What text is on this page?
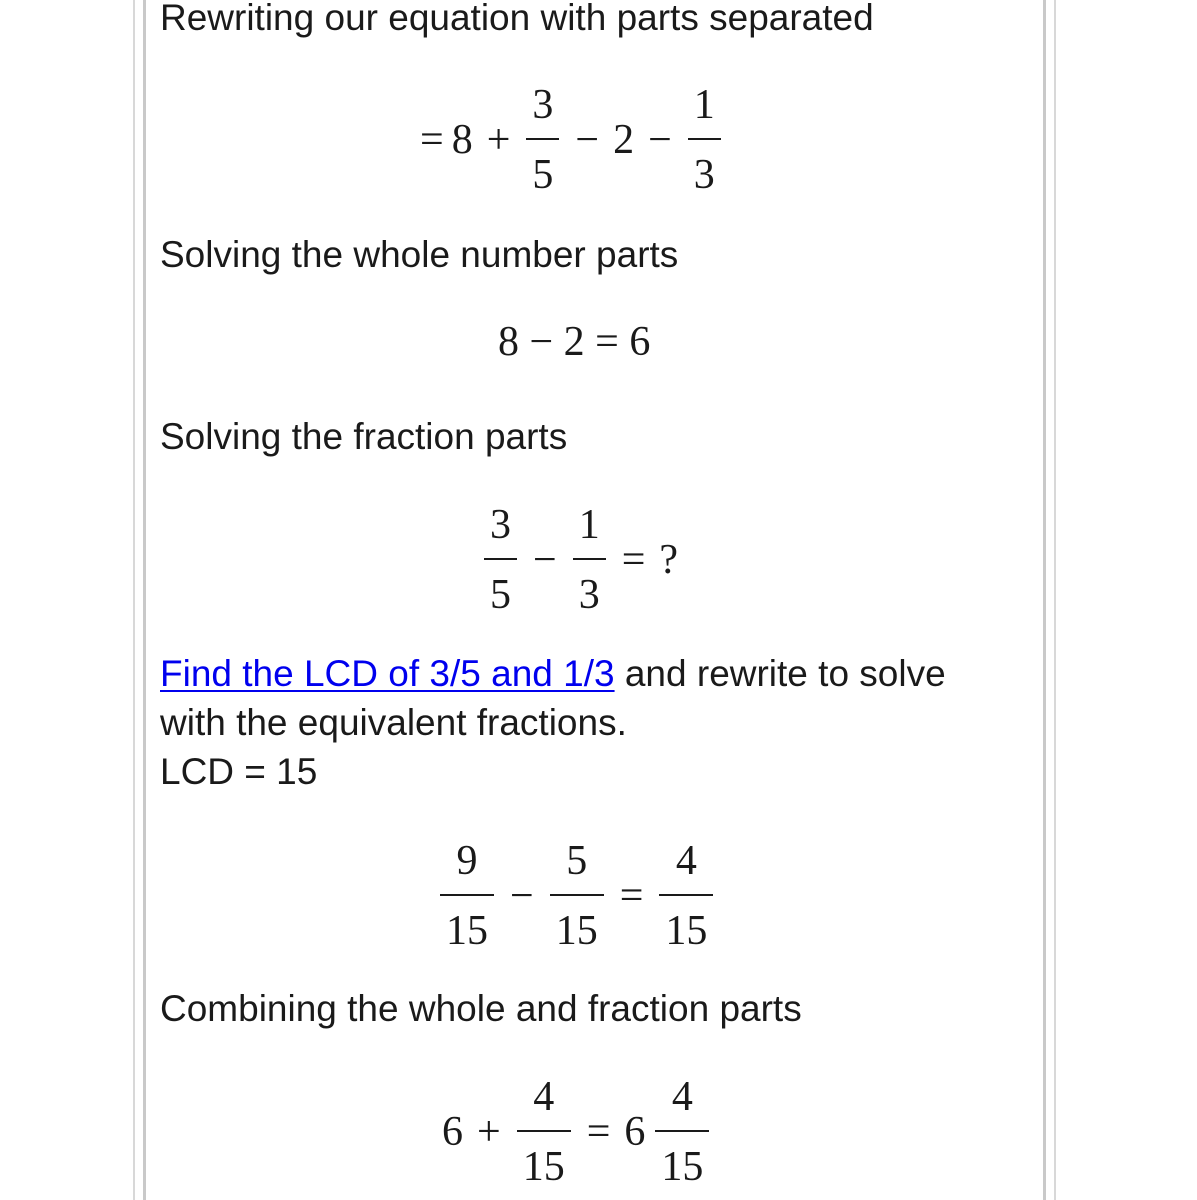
Rewriting our equation with parts separated
= $8 + \frac{3}{5} - 2 - \frac{1}{3}$
Solving the whole number parts
8 − 2 = 6
Solving the fraction parts
$\frac{3}{5} - \frac{1}{3}$ = ?
Find the LCD of 3/5 and 1/3 and rewrite to solve
with the equivalent fractions.
LCD = 15
$\frac{9}{15} - \frac{5}{15} = \frac{4}{15}$
Combining the whole and fraction parts
$6 + \frac{4}{15} = 6 \frac{4}{15}$
